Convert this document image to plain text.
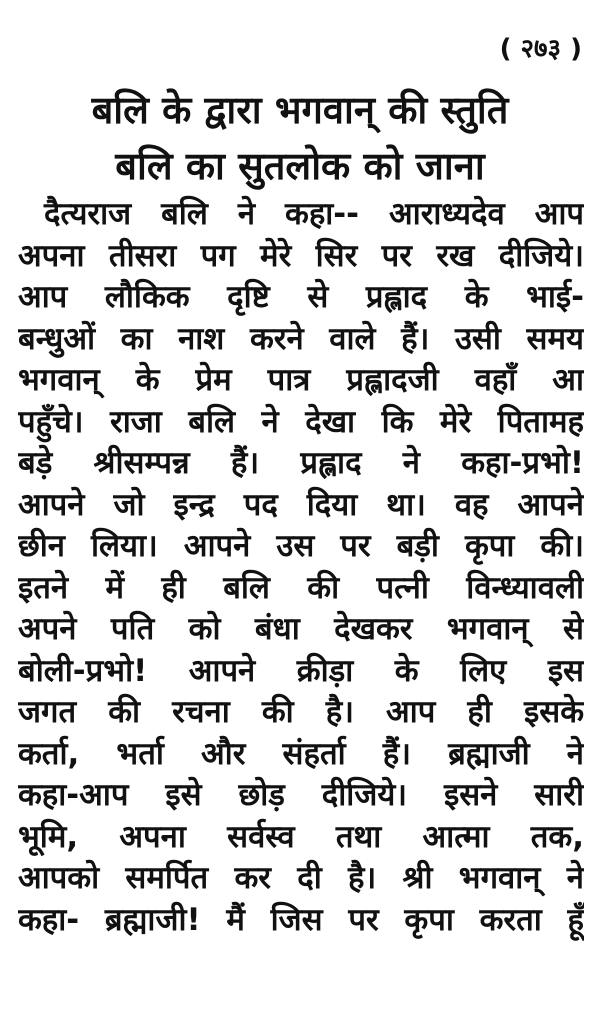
( २७३ )
बलि के द्वारा भगवान् की स्तुति
बलि का सुतलोक को जाना
दैत्यराज बलि ने कहा-- आराध्यदेव आप
अपना तीसरा पग मेरे सिर पर रख दीजिये।
आप लौकिक दृष्टि से प्रह्लाद के भाई-
बन्धुओं का नाश करने वाले हैं। उसी समय
भगवान् के प्रेम पात्र प्रह्लादजी वहाँ आ
पहुँचे। राजा बलि ने देखा कि मेरे पितामह
बड़े श्रीसम्पन्न हैं। प्रह्लाद ने कहा-प्रभो!
आपने जो इन्द्र पद दिया था। वह आपने
छीन लिया। आपने उस पर बड़ी कृपा की।
इतने में ही बलि की पत्नी विन्ध्यावली
अपने पति को बंधा देखकर भगवान् से
बोली-प्रभो! आपने क्रीड़ा के लिए इस
जगत की रचना की है। आप ही इसके
कर्ता, भर्ता और संहर्ता हैं। ब्रह्माजी ने
कहा-आप इसे छोड़ दीजिये। इसने सारी
भूमि, अपना सर्वस्व तथा आत्मा तक,
आपको समर्पित कर दी है। श्री भगवान् ने
कहा- ब्रह्माजी! मैं जिस पर कृपा करता हूँ
